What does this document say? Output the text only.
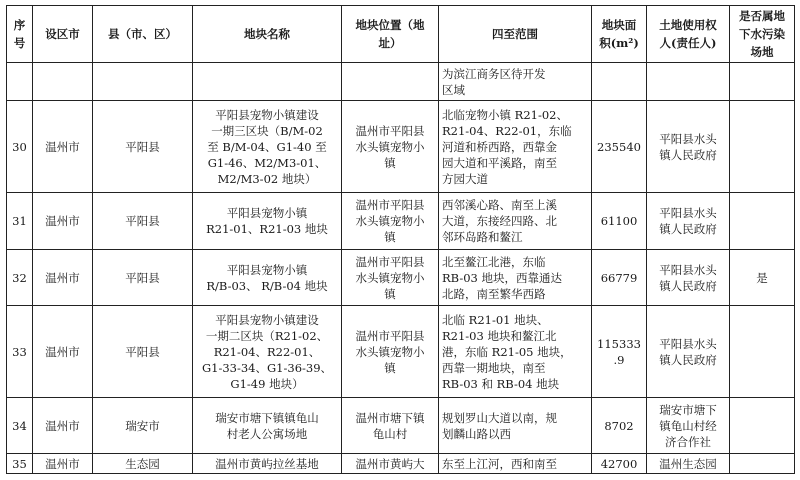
序
号	设区市	县（市、区）	地块名称	地块位置（地
址）	四至范围	地块面
积(m²)	土地使用权
人(责任人)	是否属地
下水污染
场地

					为滨江商务区待开发
区域			

30	温州市	平阳县	平阳县宠物小镇建设
一期三区块（B/M-02
至 B/M-04、G1-40 至
G1-46、M2/M3-01、
M2/M3-02 地块）	温州市平阳县
水头镇宠物小
镇	北临宠物小镇 R21-02、
R21-04、R22-01，东临
河道和桥西路，西靠金
园大道和平溪路，南至
方园大道	235540	平阳县水头
镇人民政府	

31	温州市	平阳县	平阳县宠物小镇
R21-01、R21-03 地块	温州市平阳县
水头镇宠物小
镇	西邻溪心路、南至上溪
大道，东接经四路、北
邻环岛路和鳌江	61100	平阳县水头
镇人民政府	

32	温州市	平阳县	平阳县宠物小镇
R/B-03、 R/B-04 地块	温州市平阳县
水头镇宠物小
镇	北至鳌江北港，东临
RB-03 地块，西靠通达
北路，南至繁华西路	66779	平阳县水头
镇人民政府	是

33	温州市	平阳县	平阳县宠物小镇建设
一期二区块（R21-02、
R21-04、R22-01、
G1-33-34、G1-36-39、
G1-49 地块）	温州市平阳县
水头镇宠物小
镇	北临 R21-01 地块、
R21-03 地块和鳌江北
港，东临 R21-05 地块，
西靠一期地块，南至
RB-03 和 RB-04 地块	115333
.9	平阳县水头
镇人民政府	

34	温州市	瑞安市	瑞安市塘下镇镇龟山
村老人公寓场地	温州市塘下镇
龟山村	规划罗山大道以南，规
划麟山路以西	8702	瑞安市塘下
镇龟山村经
济合作社	

35	温州市	生态园	温州市黄屿拉丝基地	温州市黄屿大	东至上江河，西和南至	42700	温州生态园	
